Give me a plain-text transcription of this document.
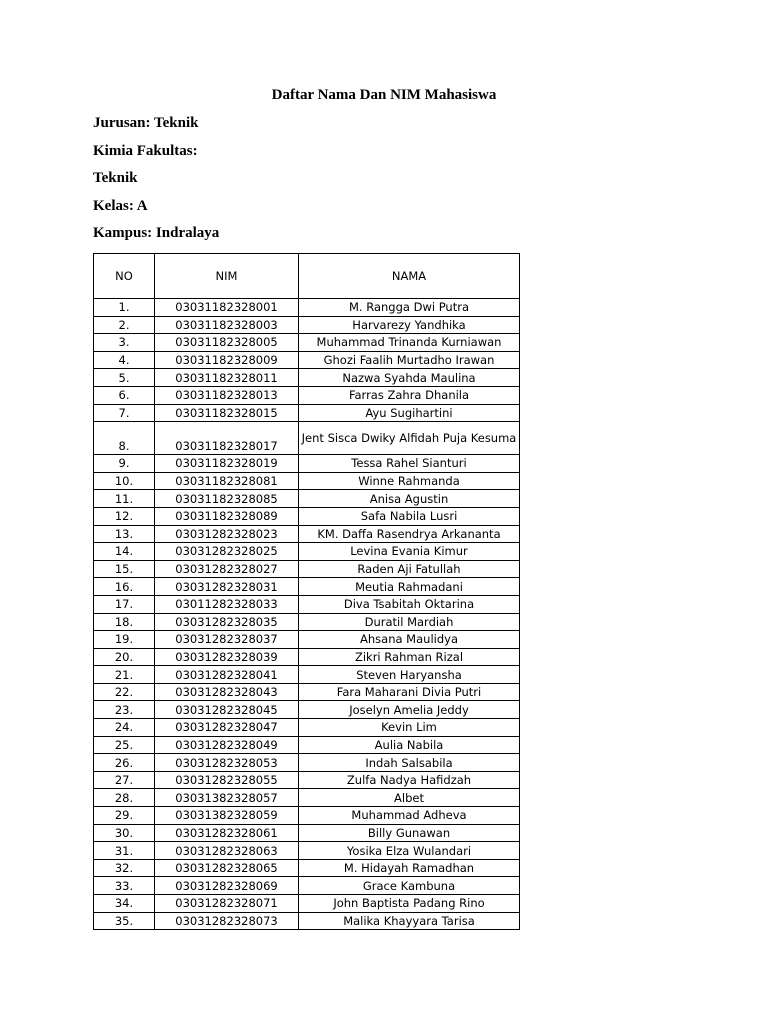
Daftar Nama Dan NIM Mahasiswa
Jurusan: Teknik
Kimia Fakultas:
Teknik
Kelas: A
Kampus: Indralaya
NO	NIM	NAMA
1.	03031182328001	M. Rangga Dwi Putra
2.	03031182328003	Harvarezy Yandhika
3.	03031182328005	Muhammad Trinanda Kurniawan
4.	03031182328009	Ghozi Faalih Murtadho Irawan
5.	03031182328011	Nazwa Syahda Maulina
6.	03031182328013	Farras Zahra Dhanila
7.	03031182328015	Ayu Sugihartini
8.	03031182328017	Jent Sisca Dwiky Alfidah Puja Kesuma
9.	03031182328019	Tessa Rahel Sianturi
10.	03031182328081	Winne Rahmanda
11.	03031182328085	Anisa Agustin
12.	03031182328089	Safa Nabila Lusri
13.	03031282328023	KM. Daffa Rasendrya Arkananta
14.	03031282328025	Levina Evania Kimur
15.	03031282328027	Raden Aji Fatullah
16.	03031282328031	Meutia Rahmadani
17.	03011282328033	Diva Tsabitah Oktarina
18.	03031282328035	Duratil Mardiah
19.	03031282328037	Ahsana Maulidya
20.	03031282328039	Zikri Rahman Rizal
21.	03031282328041	Steven Haryansha
22.	03031282328043	Fara Maharani Divia Putri
23.	03031282328045	Joselyn Amelia Jeddy
24.	03031282328047	Kevin Lim
25.	03031282328049	Aulia Nabila
26.	03031282328053	Indah Salsabila
27.	03031282328055	Zulfa Nadya Hafidzah
28.	03031382328057	Albet
29.	03031382328059	Muhammad Adheva
30.	03031282328061	Billy Gunawan
31.	03031282328063	Yosika Elza Wulandari
32.	03031282328065	M. Hidayah Ramadhan
33.	03031282328069	Grace Kambuna
34.	03031282328071	John Baptista Padang Rino
35.	03031282328073	Malika Khayyara Tarisa
